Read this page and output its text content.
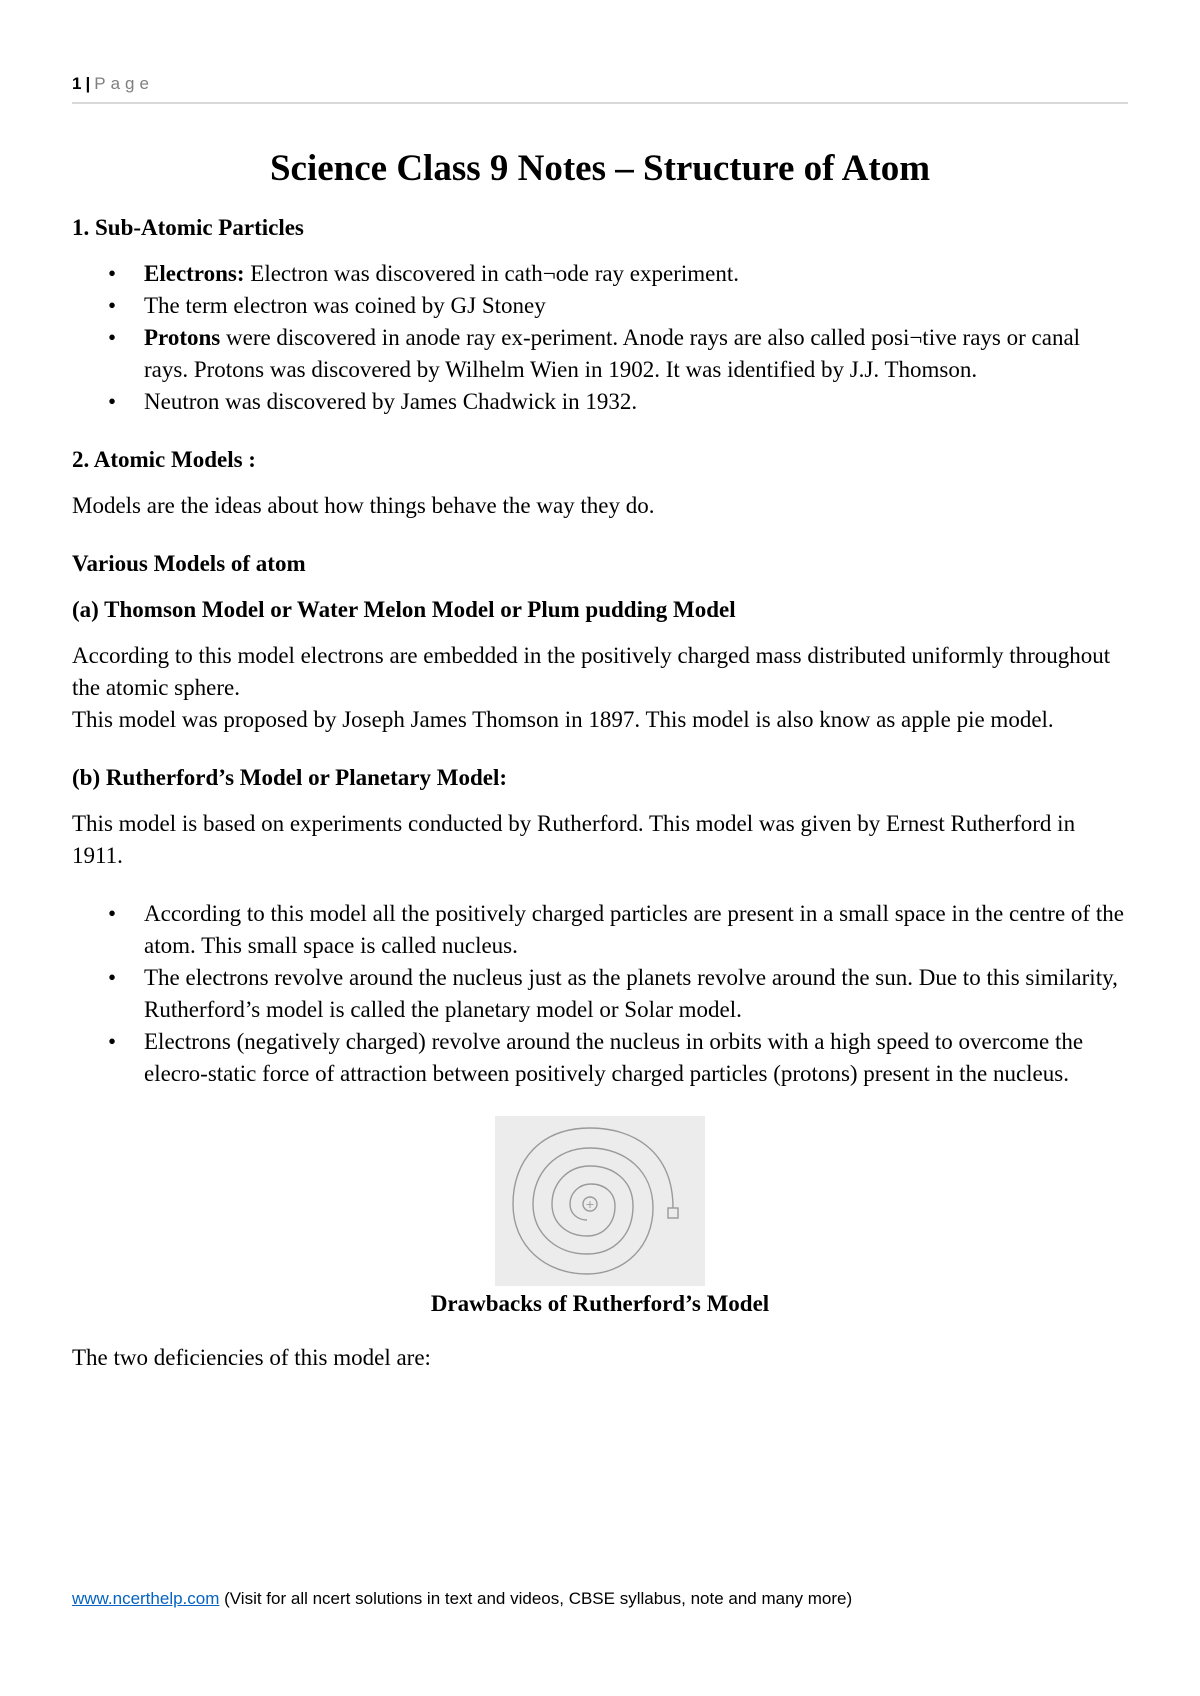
1 | Page
Science Class 9 Notes – Structure of Atom
1. Sub-Atomic Particles
• Electrons: Electron was discovered in cath¬ode ray experiment.
• The term electron was coined by GJ Stoney
• Protons were discovered in anode ray ex-periment. Anode rays are also called posi¬tive rays or canal rays. Protons was discovered by Wilhelm Wien in 1902. It was identified by J.J. Thomson.
• Neutron was discovered by James Chadwick in 1932.
2. Atomic Models :

Models are the ideas about how things behave the way they do.

Various Models of atom
(a) Thomson Model or Water Melon Model or Plum pudding Model

According to this model electrons are embedded in the positively charged mass distributed uniformly throughout the atomic sphere.
This model was proposed by Joseph James Thomson in 1897. This model is also know as apple pie model.

(b) Rutherford’s Model or Planetary Model:

This model is based on experiments conducted by Rutherford. This model was given by Ernest Rutherford in 1911.

• According to this model all the positively charged particles are present in a small space in the centre of the atom. This small space is called nucleus.
• The electrons revolve around the nucleus just as the planets revolve around the sun. Due to this similarity, Rutherford’s model is called the planetary model or Solar model.
• Electrons (negatively charged) revolve around the nucleus in orbits with a high speed to overcome the elecro-static force of attraction between positively charged particles (protons) present in the nucleus.
+
Drawbacks of Rutherford’s Model

The two deficiencies of this model are:

www.ncerthelp.com (Visit for all ncert solutions in text and videos, CBSE syllabus, note and many more)
